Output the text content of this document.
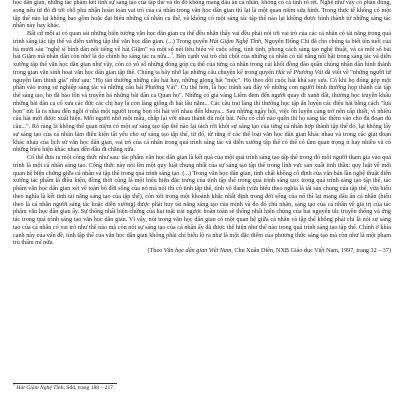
học dân gian, những tác phẩm kết tinh sự sáng tạo của tập thể và do đó không mang dấu ấn cá nhân, không có cá tính rõ rệt. Nghệ như vậy có phần đúng, song nếu từ đó đi tới chỗ phủ nhận hoàn toàn vai trò của cá nhân trong văn học dân gian thì lại là một quan niệm sửa hình. Trong thực tế không có một tập thể nào lại không bao gồm hoặc đại biểu những cá nhân cụ thể, và không có một sáng tác tập thể nào lại không được hình thành từ những sáng tác nhân này hay khác.

Bất cứ một ai có quan sát những hiện tượng văn học dân gian cụ thể đều nhận thấy vai đều phải nói tới vai trò của các cá nhân có tài năng trong quá trình sáng tác tập thể và diễn xướng tập thể văn học dân gian. (...) Trong quyển Hát Giặm Nghệ Tĩnh, Nguyễn Đổng Chi đã cho chúng ta biết tên tuổi của bà mười sáu "nghệ sĩ bình dân nổi tiếng về hát Giặm" và một số nét tiêu biểu về cuộc sống, tính tình, phong cách sáng tạo nghệ thuật, và cả một số bài hát Giặm mà nhân dân còn nhớ là do chính họ sáng tác ra nữa...$^1$. Bên cạnh vai trò chủ chốt của những cá nhân có tài năng nổi bật trong sáng tác và diễn xướng tập thể văn học dân gian như vậy, còn có vô số những đóng góp cụ thể của từng cá nhân trong cái khối đồng đảo quần chúng nhân dân hình thành trong gian văn sinh hoạt văn học dân gian tập thể. Chúng ta hãy nhớ lại những câu chuyện kể trong quyển Hát về Phương Vải đã viết về "những người từ nguyện làm thinh giả" như sau: "Họ tán thưởng những câu hát hay, những giọng hát "mộc". Họ theo dõi cuộc hát khá say sưa. Có khi họ đóng góp một phần vào trong sự nghiệp sáng tác và những câu hát Phường Vải". Cụ thể hơn, là học tránh sau đây về những con người bình thường họp thành cái tập thể sáng tạo, họ đã bảo tồn và truyền bá những bài dân ca Quan họ". Những có giá vàng Liêm đem đến người quay đi xanh đất, thường học truyền khâu những bài dân ca cổ xưa các đức các chị hay là con làng giống đi hát lâu năm... Các câu trai làng thì thường học tập ấn luyện các điệu hát bằng cách "lựa bọn" tức là ra nhau đến ngồi ở nhà một người trong bọn rồi hát với nhau đến khuya... Sau những ngày hội, việc ôn luyện càng trở nên cấp thiết, vì nhiều câu hát mới được xuất hiện. Mỗi người nhớ một mẫu, chắp lại với nhau thành đủ một bài. Nếu có chỗ nào quên thì họ sáng tác thêm vào cho đủ đoạn đủ câu...". Rõ ràng là không thể quan niệm có một sự sáng tạo tập thể nào lại tách rời khỏi sự sáng tạo của từng cá nhân hợp thành tập thể đó, lại không lấy sự sáng tạo của cá nhân làm điều kiện tất yếu cho sự sáng tạo tập thể, từ đó, từ rằng ở các thể loại văn học dân gian khác nhau và trong các giai đoạn khác nhau của lịch sử văn học dân gian, vai trò của cá nhân trong quá trình sáng tác và diễn xướng tập thể có thể có tầm quan trọng ít hay nhiều và có những biểu hiện khác nhau đến đâu đi chăng nữa.

Có thể đưa ra một công thức như sau: tác phẩm văn học dân gian là kết quả của một quá trình sáng tạo tập thể trong đó mỗi người tham gia vào quá trình là một cá nhân sáng tạo. Công thức này nói lên một quy luật chung nhất của sự sáng tạo tập thể trong lĩnh vực sản xuất tinh thần: quy luật về mối quan hệ biện chứng giữa cá nhân và tập thể trong quá trình sáng tạo. (...) Trong văn học dân gian, tính chất không cố định của văn bản lần nghệ thuật diễn xướng tác phẩm là điều kiện, đồng thời cũng là một biểu hiện đặc trưng của tính tập thể trong quá trình sáng tạo: trong quá trình sáng tạo tập thể, tác phẩm văn học dân gian xét về toàn bộ đời sống của nó mà nói thì có tính tập thể, tính vô danh (vừa hiểu theo nghĩa là tài sản chung của tập thể, vừa hiểu theo nghĩa là kết tinh tài năng sáng tạo của tập thể), còn xét trong một khoảnh khắc nhất định trong đời sống của nó thì lại mang dấu ấn cá nhân (hiểu theo là cá nhân người sáng tác hoặc diễn xướng) được phát huy tài năng sáng tạo của mình và do đó chủ nhân, sáng tạo của cá nhân về giá trị của tác phẩm văn học dân gian ấy. Sự thống nhất biện chứng của hai mặt trái ngược hoàn toàn sẽ thống nhất hiện chúng của hai nguyên tắc truyền thống và ứng tác trong quá trình sáng tạo văn học dân gian. Vì vậy, nói trong văn học dân gian có một quan hệ giữa cá nhân và tập thể không phải chỉ là nói sự sáng tạo của cá nhân có vai trò như thế nào mà còn nói sự sáng tạo của cá nhân ấy đã được thể hiện như thế nào trong quá trình sáng tạo tập thể. Chính ở khía cạnh này của vấn đề, tính tập thể của văn học dân gian không phải chỉ biểu lộ ra như là một đặc điểm của phương thức sáng tạo mà còn như là một phạm trù thẩm mĩ nữa.

(Theo Văn học dân gian Việt Nam, Chu Xuân Diên, NXB Giáo dục Việt Nam, 1997, trang 32 – 37)

$^1$ Hát Giặm Nghệ Tĩnh, Sđd, trang 188 – 217.
